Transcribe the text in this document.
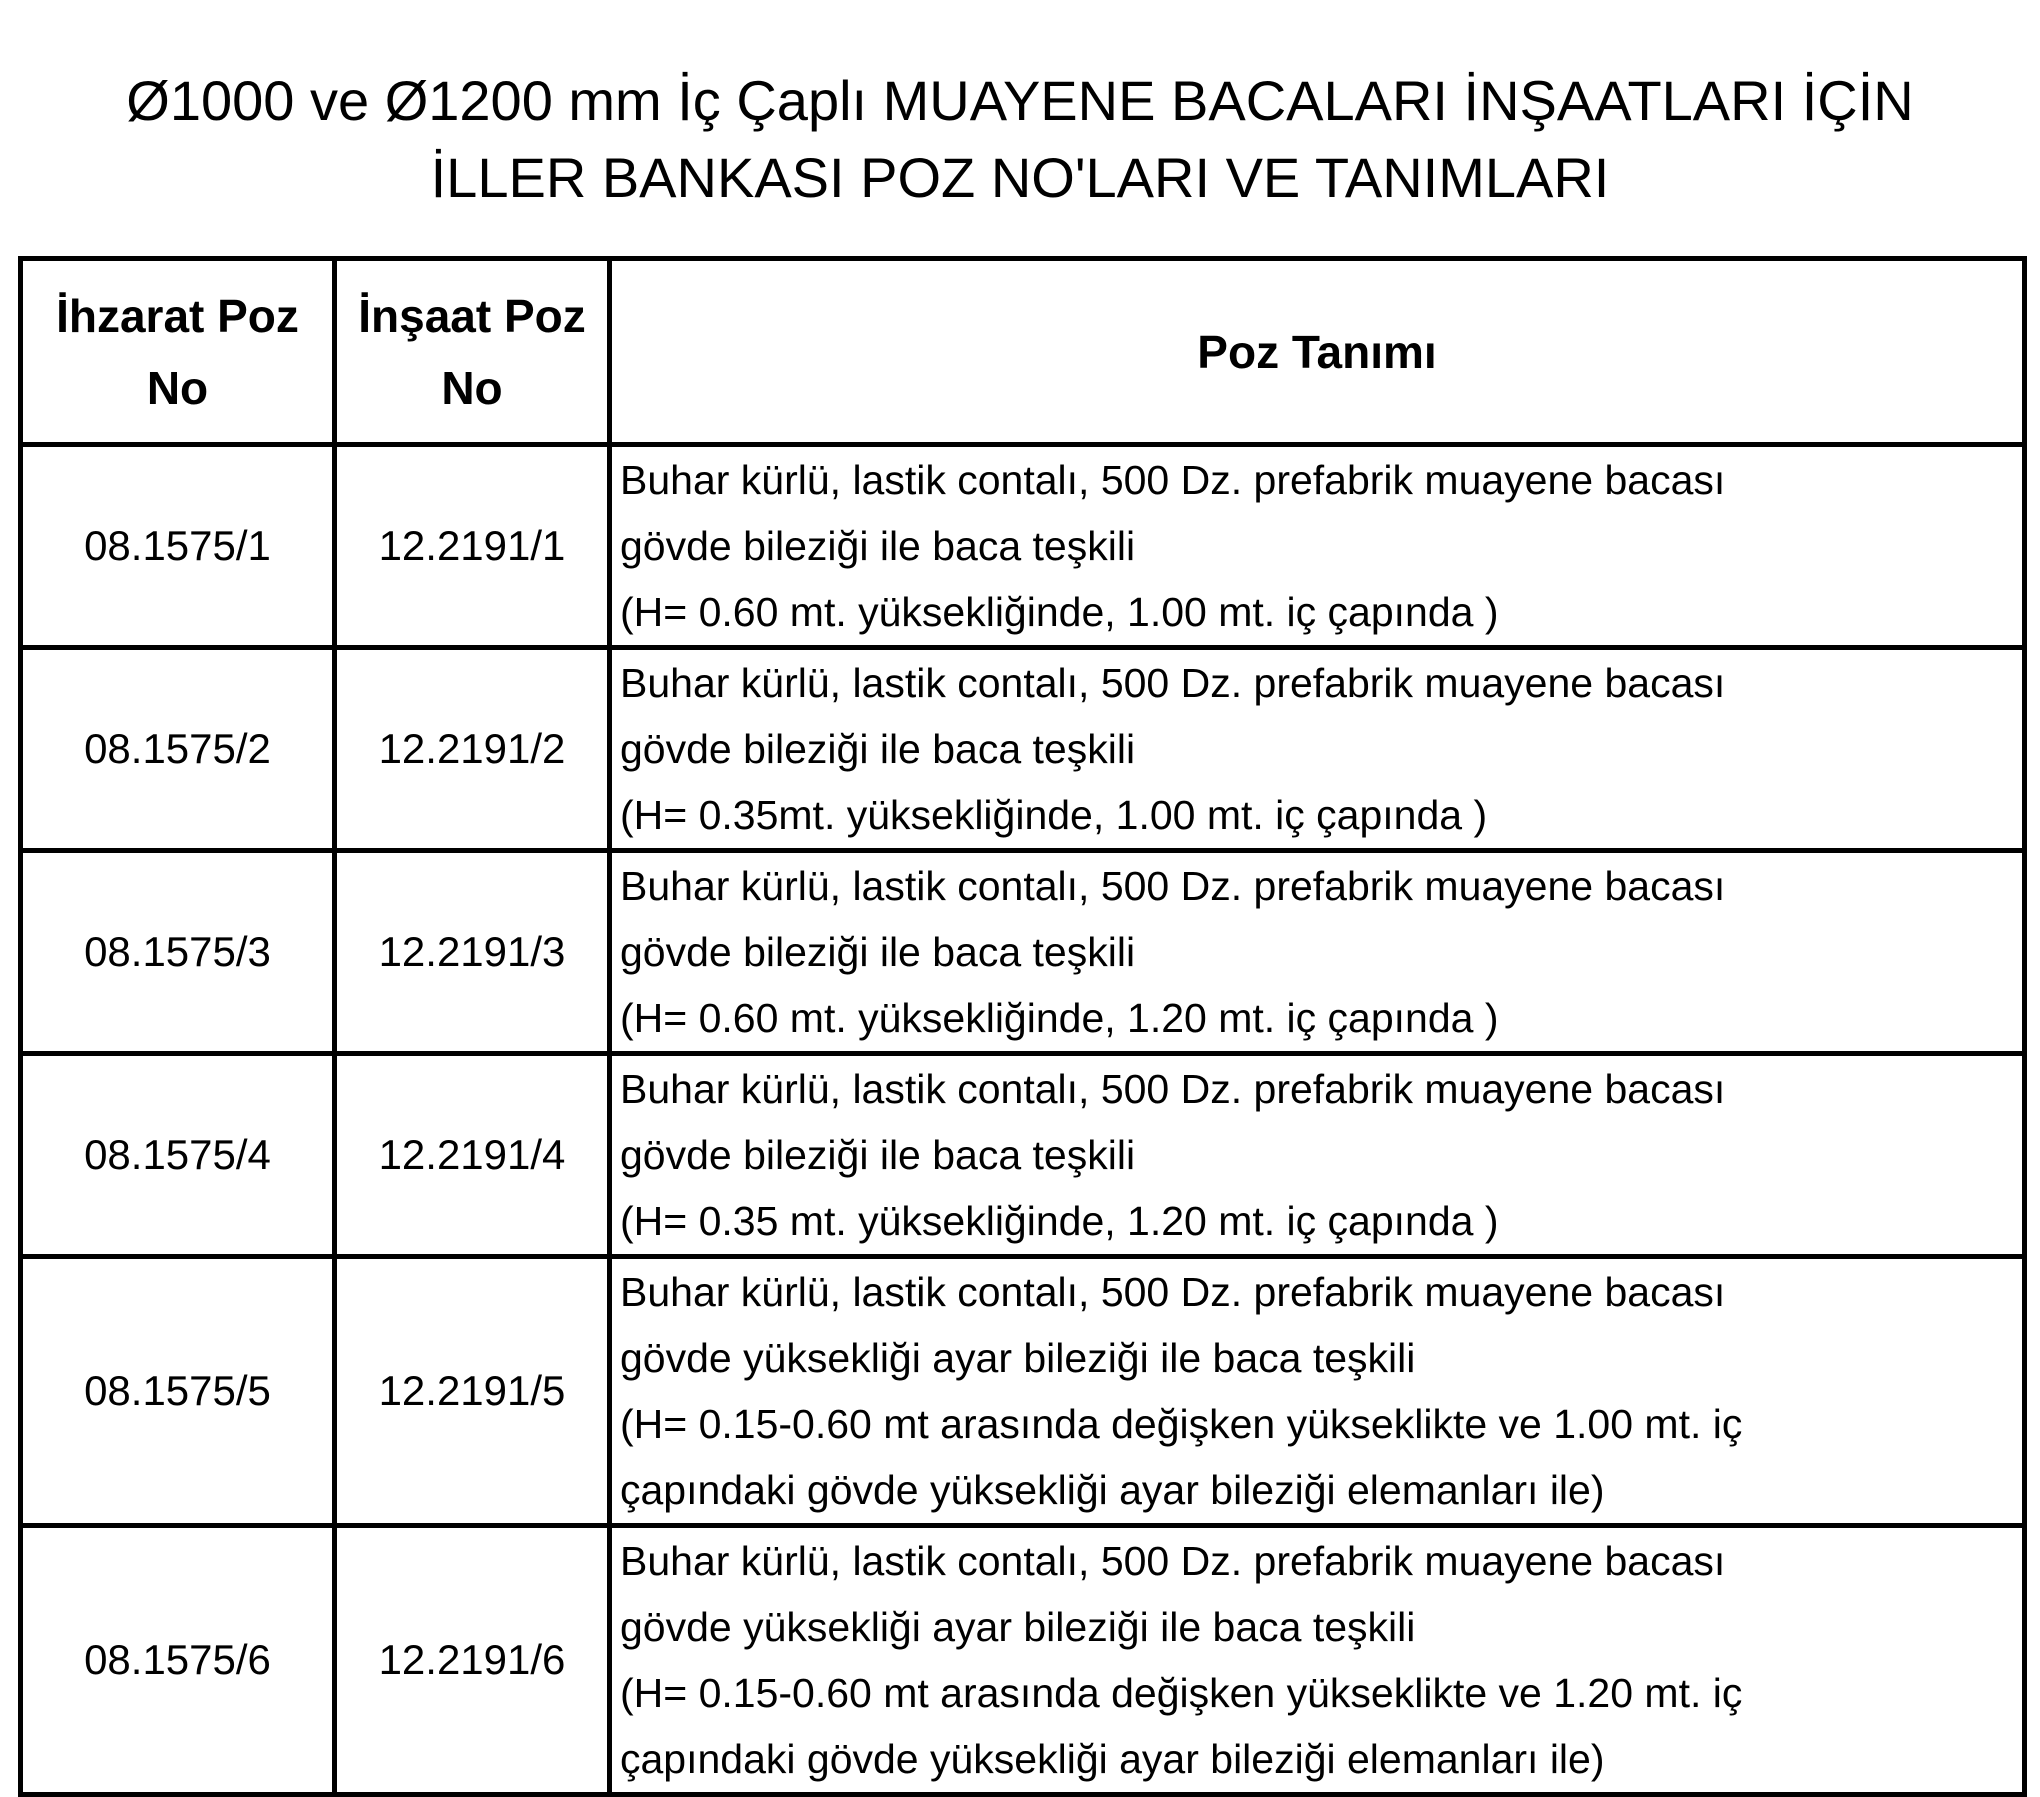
Ø1000 ve Ø1200 mm İç Çaplı MUAYENE BACALARI İNŞAATLARI İÇİN
İLLER BANKASI POZ NO'LARI VE TANIMLARI
İhzarat Poz
No	İnşaat Poz
No	Poz Tanımı
08.1575/1	12.2191/1	Buhar kürlü, lastik contalı, 500 Dz. prefabrik muayene bacası
gövde bileziği ile baca teşkili
(H= 0.60 mt. yüksekliğinde, 1.00 mt. iç çapında )

08.1575/2	12.2191/2	Buhar kürlü, lastik contalı, 500 Dz. prefabrik muayene bacası
gövde bileziği ile baca teşkili
(H= 0.35mt. yüksekliğinde, 1.00 mt. iç çapında )

08.1575/3	12.2191/3	Buhar kürlü, lastik contalı, 500 Dz. prefabrik muayene bacası
gövde bileziği ile baca teşkili
(H= 0.60 mt. yüksekliğinde, 1.20 mt. iç çapında )

08.1575/4	12.2191/4	Buhar kürlü, lastik contalı, 500 Dz. prefabrik muayene bacası
gövde bileziği ile baca teşkili
(H= 0.35 mt. yüksekliğinde, 1.20 mt. iç çapında )

08.1575/5	12.2191/5	Buhar kürlü, lastik contalı, 500 Dz. prefabrik muayene bacası
gövde yüksekliği ayar bileziği ile baca teşkili
(H= 0.15-0.60 mt arasında değişken yükseklikte ve 1.00 mt. iç
çapındaki gövde yüksekliği ayar bileziği elemanları ile)

08.1575/6	12.2191/6	Buhar kürlü, lastik contalı, 500 Dz. prefabrik muayene bacası
gövde yüksekliği ayar bileziği ile baca teşkili
(H= 0.15-0.60 mt arasında değişken yükseklikte ve 1.20 mt. iç
çapındaki gövde yüksekliği ayar bileziği elemanları ile)
